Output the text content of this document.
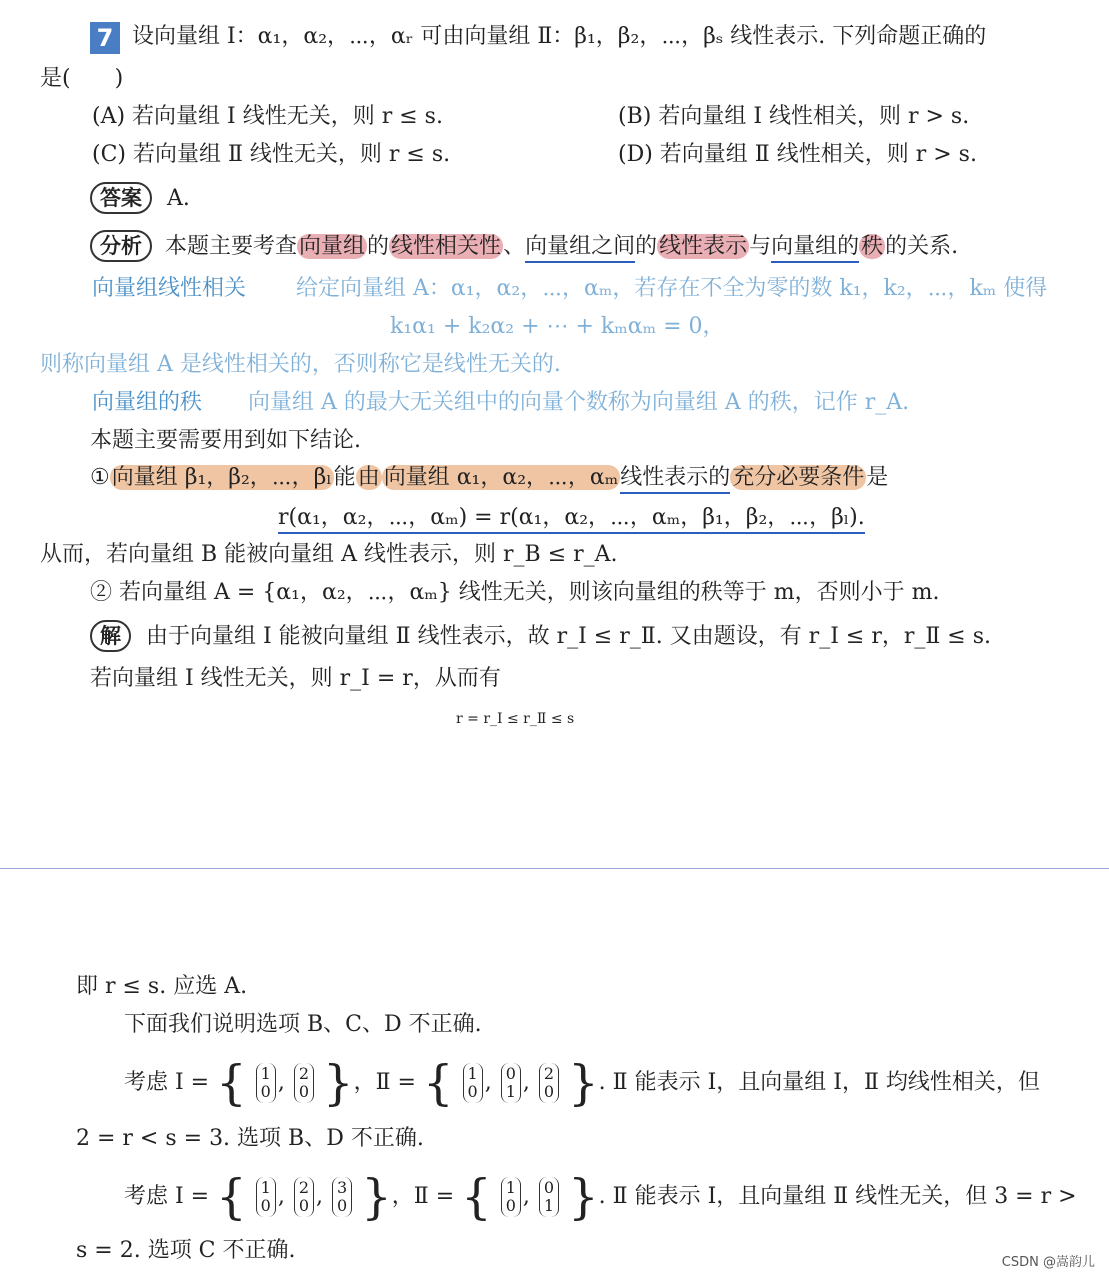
7 设向量组 Ⅰ：α₁，α₂，⋯，αᵣ 可由向量组 Ⅱ：β₁，β₂，⋯，βₛ 线性表示. 下列命题正确的
是(　　)
(A) 若向量组 Ⅰ 线性无关，则 r ≤ s.	(B) 若向量组 Ⅰ 线性相关，则 r > s.
(C) 若向量组 Ⅱ 线性无关，则 r ≤ s.	(D) 若向量组 Ⅱ 线性相关，则 r > s.
答案 A.
分析 本题主要考查向量组的线性相关性、向量组之间的线性表示与向量组的秩的关系.
向量组线性相关 给定向量组 A：α₁，α₂，⋯，αₘ，若存在不全为零的数 k₁，k₂，⋯，kₘ 使得
k₁α₁ + k₂α₂ + ⋯ + kₘαₘ = 0，
则称向量组 A 是线性相关的，否则称它是线性无关的.
向量组的秩 向量组 A 的最大无关组中的向量个数称为向量组 A 的秩，记作 r_A.
本题主要需要用到如下结论.
①向量组 β₁，β₂，⋯，βₗ能由 向量组 α₁，α₂，⋯，αₘ线性表示的充分必要条件是
r(α₁，α₂，⋯，αₘ) = r(α₁，α₂，⋯，αₘ，β₁，β₂，⋯，βₗ).
从而，若向量组 B 能被向量组 A 线性表示，则 r_B ≤ r_A.
② 若向量组 A = {α₁，α₂，⋯，αₘ} 线性无关，则该向量组的秩等于 m，否则小于 m.
解 由于向量组 Ⅰ 能被向量组 Ⅱ 线性表示，故 r_Ⅰ ≤ r_Ⅱ. 又由题设，有 r_Ⅰ ≤ r，r_Ⅱ ≤ s.
若向量组 Ⅰ 线性无关，则 r_Ⅰ = r，从而有
r = r_Ⅰ ≤ r_Ⅱ ≤ s
即 r ≤ s. 应选 A.
下面我们说明选项 B、C、D 不正确.
考虑 Ⅰ = { 1
0 , 2
0 }，Ⅱ = { 1
0 , 0
1 , 2
0 }. Ⅱ 能表示 Ⅰ，且向量组 Ⅰ，Ⅱ 均线性相关，但
2 = r < s = 3. 选项 B、D 不正确.
考虑 Ⅰ = { 1
0 , 2
0 , 3
0 }，Ⅱ = { 1
0 , 0
1 }. Ⅱ 能表示 Ⅰ，且向量组 Ⅱ 线性无关，但 3 = r >
s = 2. 选项 C 不正确.	CSDN @嵩韵儿
